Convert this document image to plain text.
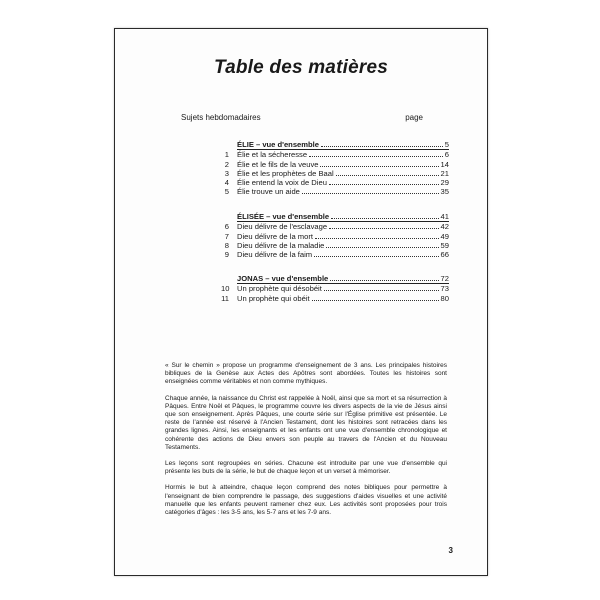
Table des matières
Sujets hebdomadaires	page
ÉLIE – vue d'ensemble	5
1 Élie et la sécheresse	6
2 Élie et le fils de la veuve	14
3 Élie et les prophètes de Baal	21
4 Élie entend la voix de Dieu	29
5 Élie trouve un aide	35
ÉLISÉE – vue d'ensemble	41
6 Dieu délivre de l'esclavage	42
7 Dieu délivre de la mort	49
8 Dieu délivre de la maladie	59
9 Dieu délivre de la faim	66
JONAS – vue d'ensemble	72
10 Un prophète qui désobéit	73
11 Un prophète qui obéit	80

« Sur le chemin » propose un programme d'enseignement de 3 ans. Les principales histoires bibliques de la Genèse aux Actes des Apôtres sont abordées. Toutes les histoires sont enseignées comme véritables et non comme mythiques.

Chaque année, la naissance du Christ est rappelée à Noël, ainsi que sa mort et sa résurrection à Pâques. Entre Noël et Pâques, le programme couvre les divers aspects de la vie de Jésus ainsi que son enseignement. Après Pâques, une courte série sur l'Église primitive est présentée. Le reste de l'année est réservé à l'Ancien Testament, dont les histoires sont retracées dans les grandes lignes. Ainsi, les enseignants et les enfants ont une vue d'ensemble chronologique et cohérente des actions de Dieu envers son peuple au travers de l'Ancien et du Nouveau Testaments.

Les leçons sont regroupées en séries. Chacune est introduite par une vue d'ensemble qui présente les buts de la série, le but de chaque leçon et un verset à mémoriser.

Hormis le but à atteindre, chaque leçon comprend des notes bibliques pour permettre à l'enseignant de bien comprendre le passage, des suggestions d'aides visuelles et une activité manuelle que les enfants peuvent ramener chez eux. Les activités sont proposées pour trois catégories d'âges : les 3-5 ans, les 5-7 ans et les 7-9 ans.

3
